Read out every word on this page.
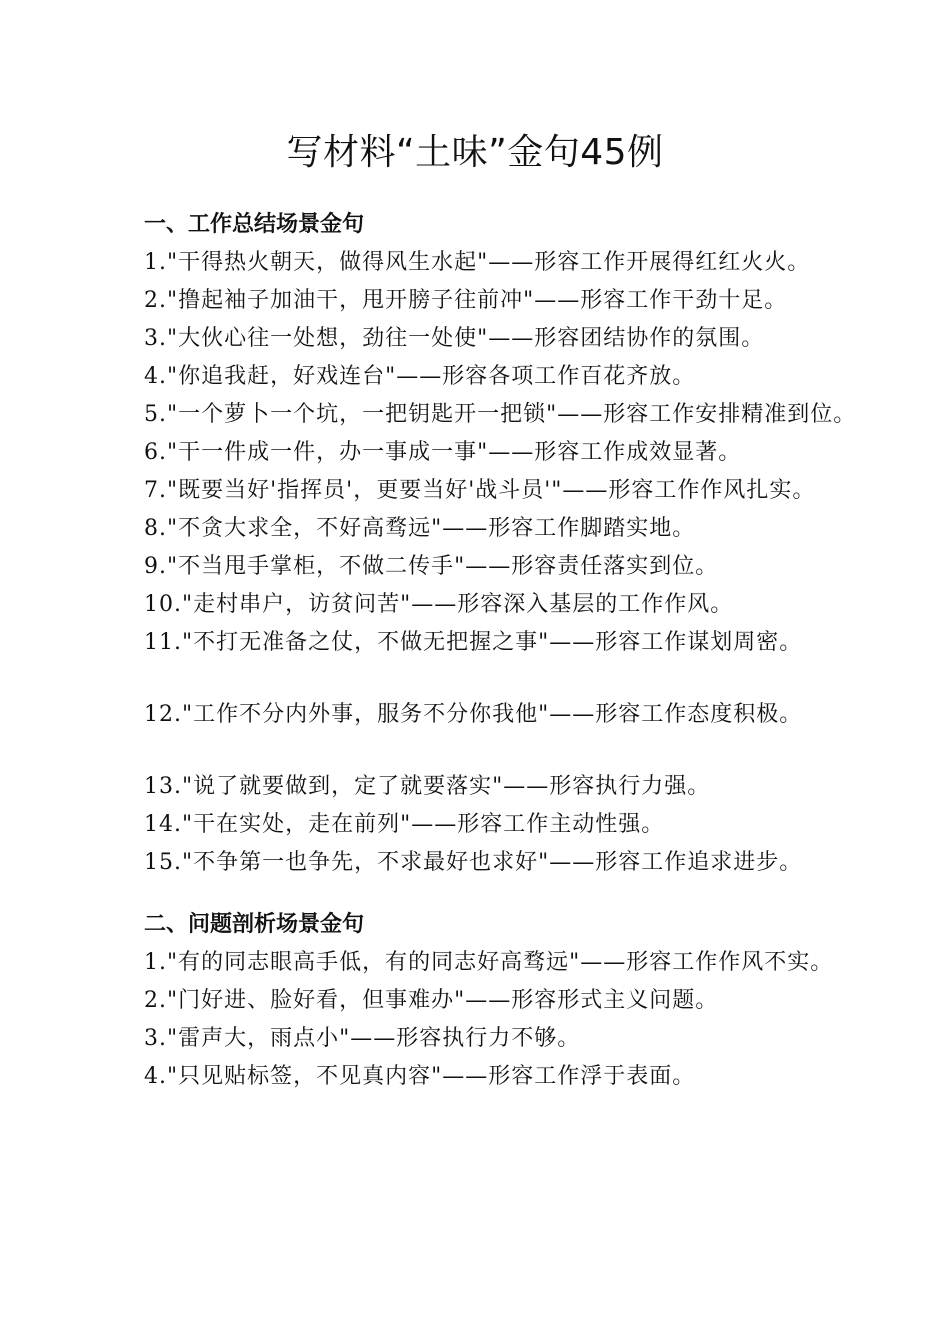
写材料“土味”金句45例

一、工作总结场景金句

1."干得热火朝天，做得风生水起"——形容工作开展得红红火火。

2."撸起袖子加油干，甩开膀子往前冲"——形容工作干劲十足。

3."大伙心往一处想，劲往一处使"——形容团结协作的氛围。

4."你追我赶，好戏连台"——形容各项工作百花齐放。

5."一个萝卜一个坑，一把钥匙开一把锁"——形容工作安排精准到位。

6."干一件成一件，办一事成一事"——形容工作成效显著。

7."既要当好'指挥员'，更要当好'战斗员'"——形容工作作风扎实。

8."不贪大求全，不好高骛远"——形容工作脚踏实地。

9."不当甩手掌柜，不做二传手"——形容责任落实到位。

10."走村串户，访贫问苦"——形容深入基层的工作作风。

11."不打无准备之仗，不做无把握之事"——形容工作谋划周密。

12."工作不分内外事，服务不分你我他"——形容工作态度积极。

13."说了就要做到，定了就要落实"——形容执行力强。

14."干在实处，走在前列"——形容工作主动性强。

15."不争第一也争先，不求最好也求好"——形容工作追求进步。

二、问题剖析场景金句

1."有的同志眼高手低，有的同志好高骛远"——形容工作作风不实。

2."门好进、脸好看，但事难办"——形容形式主义问题。

3."雷声大，雨点小"——形容执行力不够。

4."只见贴标签，不见真内容"——形容工作浮于表面。
